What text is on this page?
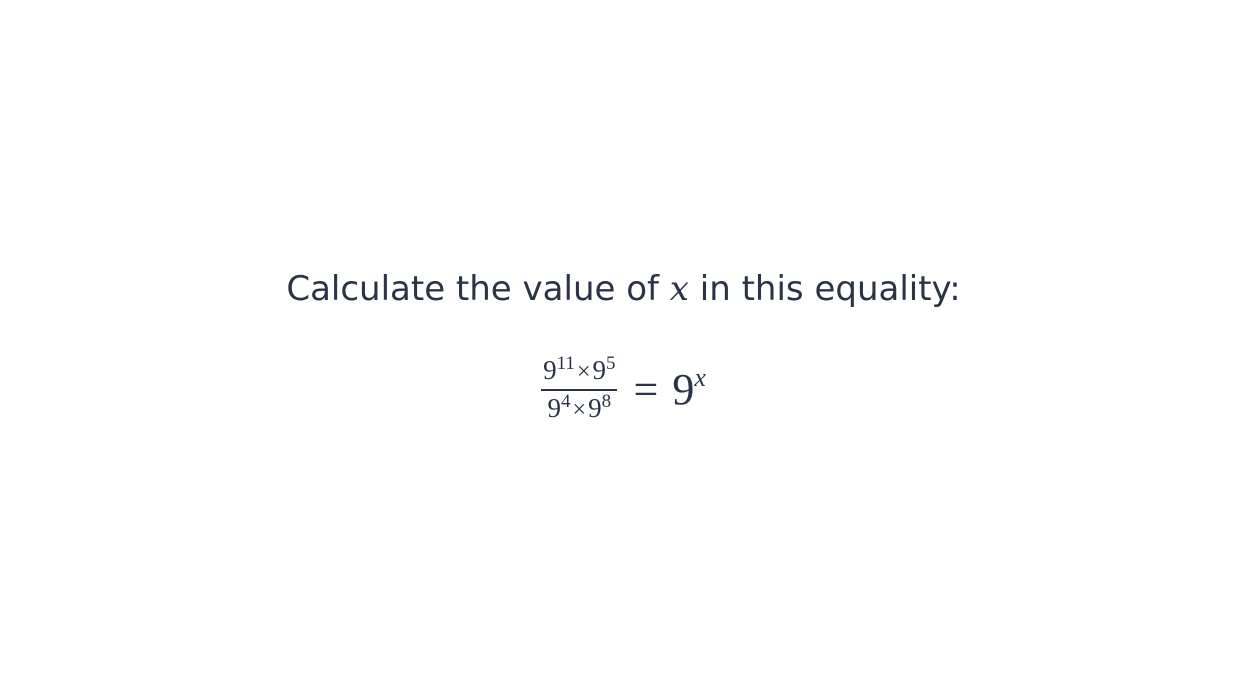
Calculate the value of x in this equality:
$\frac{9^{11}\times 9^5}{9^4\times 9^8} = 9^x$
